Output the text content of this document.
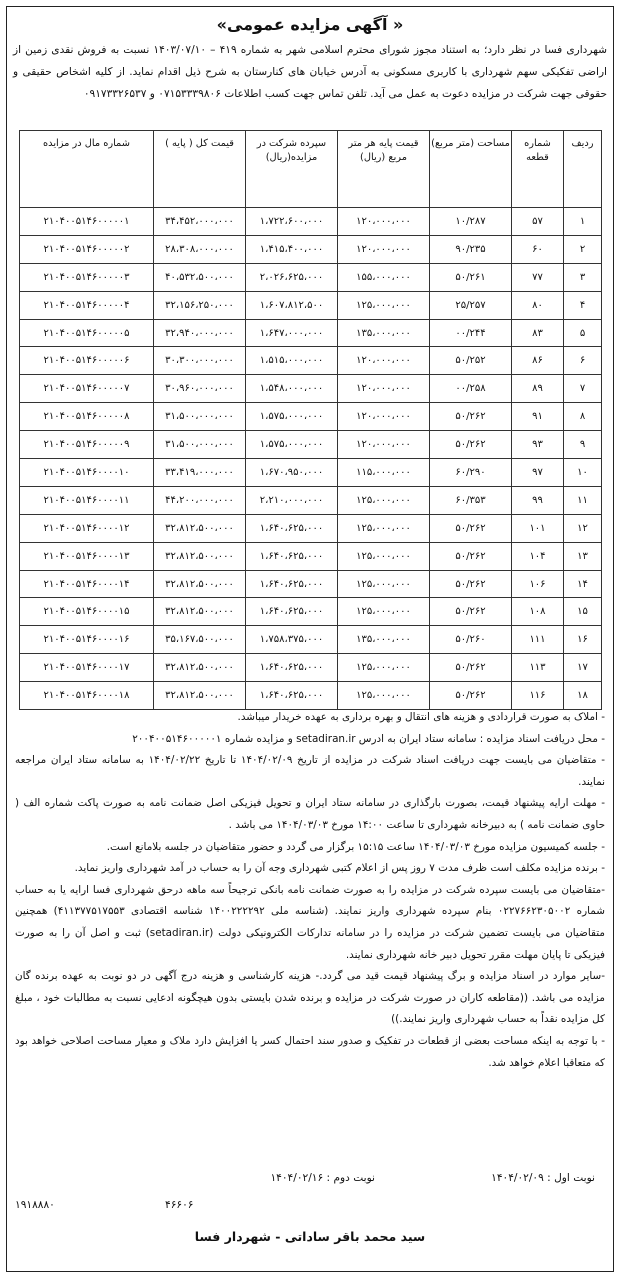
« آگهی مزایده عمومی»
شهرداری فسا در نظر دارد؛ به استناد مجوز شورای محترم اسلامی شهر به شماره ۴۱۹ – ۱۴۰۳/۰۷/۱۰ نسبت به فروش نقدی زمین از اراضی تفکیکی سهم شهرداری با کاربری مسکونی به آدرس خیابان های کنارستان به شرح ذیل اقدام نماید. از کلیه اشخاص حقیقی و حقوقی جهت شرکت در مزایده دعوت به عمل می آید. تلفن تماس جهت کسب اطلاعات ۰۷۱۵۳۳۳۹۸۰۶ و ۰۹۱۷۳۳۲۶۵۳۷
ردیف	شماره قطعه	مساحت (متر مربع)	قیمت پایه هر متر مربع (ریال)	سپرده شرکت در مزایده(ریال)	قیمت کل ( پایه )	شماره مال در مزایده
۱	۵۷	۱۰/۲۸۷	۱۲۰،۰۰۰،۰۰۰	۱،۷۲۲،۶۰۰،۰۰۰	۳۴،۴۵۲،۰۰۰،۰۰۰	۲۱۰۴۰۰۵۱۴۶۰۰۰۰۰۱
۲	۶۰	۹۰/۲۳۵	۱۲۰،۰۰۰،۰۰۰	۱،۴۱۵،۴۰۰،۰۰۰	۲۸،۳۰۸،۰۰۰،۰۰۰	۲۱۰۴۰۰۵۱۴۶۰۰۰۰۰۲
۳	۷۷	۵۰/۲۶۱	۱۵۵،۰۰۰،۰۰۰	۲،۰۲۶،۶۲۵،۰۰۰	۴۰،۵۳۲،۵۰۰،۰۰۰	۲۱۰۴۰۰۵۱۴۶۰۰۰۰۰۳
۴	۸۰	۲۵/۲۵۷	۱۲۵،۰۰۰،۰۰۰	۱،۶۰۷،۸۱۲،۵۰۰	۳۲،۱۵۶،۲۵۰،۰۰۰	۲۱۰۴۰۰۵۱۴۶۰۰۰۰۰۴
۵	۸۳	۰۰/۲۴۴	۱۳۵،۰۰۰،۰۰۰	۱،۶۴۷،۰۰۰،۰۰۰	۳۲،۹۴۰،۰۰۰،۰۰۰	۲۱۰۴۰۰۵۱۴۶۰۰۰۰۰۵
۶	۸۶	۵۰/۲۵۲	۱۲۰،۰۰۰،۰۰۰	۱،۵۱۵،۰۰۰،۰۰۰	۳۰،۳۰۰،۰۰۰،۰۰۰	۲۱۰۴۰۰۵۱۴۶۰۰۰۰۰۶
۷	۸۹	۰۰/۲۵۸	۱۲۰،۰۰۰،۰۰۰	۱،۵۴۸،۰۰۰،۰۰۰	۳۰،۹۶۰،۰۰۰،۰۰۰	۲۱۰۴۰۰۵۱۴۶۰۰۰۰۰۷
۸	۹۱	۵۰/۲۶۲	۱۲۰،۰۰۰،۰۰۰	۱،۵۷۵،۰۰۰،۰۰۰	۳۱،۵۰۰،۰۰۰،۰۰۰	۲۱۰۴۰۰۵۱۴۶۰۰۰۰۰۸
۹	۹۳	۵۰/۲۶۲	۱۲۰،۰۰۰،۰۰۰	۱،۵۷۵،۰۰۰،۰۰۰	۳۱،۵۰۰،۰۰۰،۰۰۰	۲۱۰۴۰۰۵۱۴۶۰۰۰۰۰۹
۱۰	۹۷	۶۰/۲۹۰	۱۱۵،۰۰۰،۰۰۰	۱،۶۷۰،۹۵۰،۰۰۰	۳۳،۴۱۹،۰۰۰،۰۰۰	۲۱۰۴۰۰۵۱۴۶۰۰۰۰۱۰
۱۱	۹۹	۶۰/۳۵۳	۱۲۵،۰۰۰،۰۰۰	۲،۲۱۰،۰۰۰،۰۰۰	۴۴،۲۰۰،۰۰۰،۰۰۰	۲۱۰۴۰۰۵۱۴۶۰۰۰۰۱۱
۱۲	۱۰۱	۵۰/۲۶۲	۱۲۵،۰۰۰،۰۰۰	۱،۶۴۰،۶۲۵،۰۰۰	۳۲،۸۱۲،۵۰۰،۰۰۰	۲۱۰۴۰۰۵۱۴۶۰۰۰۰۱۲
۱۳	۱۰۴	۵۰/۲۶۲	۱۲۵،۰۰۰،۰۰۰	۱،۶۴۰،۶۲۵،۰۰۰	۳۲،۸۱۲،۵۰۰،۰۰۰	۲۱۰۴۰۰۵۱۴۶۰۰۰۰۱۳
۱۴	۱۰۶	۵۰/۲۶۲	۱۲۵،۰۰۰،۰۰۰	۱،۶۴۰،۶۲۵،۰۰۰	۳۲،۸۱۲،۵۰۰،۰۰۰	۲۱۰۴۰۰۵۱۴۶۰۰۰۰۱۴
۱۵	۱۰۸	۵۰/۲۶۲	۱۲۵،۰۰۰،۰۰۰	۱،۶۴۰،۶۲۵،۰۰۰	۳۲،۸۱۲،۵۰۰،۰۰۰	۲۱۰۴۰۰۵۱۴۶۰۰۰۰۱۵
۱۶	۱۱۱	۵۰/۲۶۰	۱۳۵،۰۰۰،۰۰۰	۱،۷۵۸،۳۷۵،۰۰۰	۳۵،۱۶۷،۵۰۰،۰۰۰	۲۱۰۴۰۰۵۱۴۶۰۰۰۰۱۶
۱۷	۱۱۳	۵۰/۲۶۲	۱۲۵،۰۰۰،۰۰۰	۱،۶۴۰،۶۲۵،۰۰۰	۳۲،۸۱۲،۵۰۰،۰۰۰	۲۱۰۴۰۰۵۱۴۶۰۰۰۰۱۷
۱۸	۱۱۶	۵۰/۲۶۲	۱۲۵،۰۰۰،۰۰۰	۱،۶۴۰،۶۲۵،۰۰۰	۳۲،۸۱۲،۵۰۰،۰۰۰	۲۱۰۴۰۰۵۱۴۶۰۰۰۰۱۸

- املاک به صورت قراردادی و هزینه های انتقال و بهره برداری به عهده خریدار میباشد.

- محل دریافت اسناد مزایده : سامانه ستاد ایران به ادرس setadiran.ir و مزایده شماره ۲۰۰۴۰۰۵۱۴۶۰۰۰۰۰۱

- متقاضیان می بایست جهت دریافت اسناد شرکت در مزایده از تاریخ ۱۴۰۴/۰۲/۰۹ تا تاریخ ۱۴۰۴/۰۲/۲۲ به سامانه ستاد ایران مراجعه نمایند.

- مهلت ارایه پیشنهاد قیمت، بصورت بارگذاری در سامانه ستاد ایران و تحویل فیزیکی اصل ضمانت نامه به صورت پاکت شماره الف ( حاوی ضمانت نامه ) به دبیرخانه شهرداری تا ساعت ۱۴:۰۰ مورخ ۱۴۰۴/۰۳/۰۳ می باشد .

- جلسه کمیسیون مزایده مورخ ۱۴۰۴/۰۳/۰۳ ساعت ۱۵:۱۵ برگزار می گردد و حضور متقاضیان در جلسه بلامانع است.

- برنده مزایده مکلف است ظرف مدت ۷ روز پس از اعلام کتبی شهرداری وجه آن را به حساب در آمد شهرداری واریز نماید.

-متقاضیان می بایست سپرده شرکت در مزایده را به صورت ضمانت نامه بانکی ترجیحاً سه ماهه درحق شهرداری فسا ارایه یا به حساب شماره ۰۲۲۷۶۶۲۳۰۵۰۰۲ بنام سپرده شهرداری واریز نمایند. (شناسه ملی ۱۴۰۰۲۲۲۲۹۲ شناسه اقتصادی ۴۱۱۳۷۷۵۱۷۵۵۳) همچنین متقاضیان می بایست تضمین شرکت در مزایده را در سامانه تدارکات الکترونیکی دولت (setadiran.ir) ثبت و اصل آن را به صورت فیزیکی تا پایان مهلت مقرر تحویل دبیر خانه شهرداری نمایند.

-سایر موارد در اسناد مزایده و برگ پیشنهاد قیمت قید می گردد.- هزینه کارشناسی و هزینه درج آگهی در دو نوبت به عهده برنده گان مزایده می باشد. ((مقاطعه کاران در صورت شرکت در مزایده و برنده شدن بایستی بدون هیچگونه ادعایی نسبت به مطالبات خود ، مبلغ کل مزایده نقداً به حساب شهرداری واریز نمایند.))

- با توجه به اینکه مساحت بعضی از قطعات در تفکیک و صدور سند احتمال کسر یا افزایش دارد ملاک و معیار مساحت اصلاحی خواهد بود که متعاقبا اعلام خواهد شد.

نوبت اول : ۱۴۰۴/۰۲/۰۹
نوبت دوم : ۱۴۰۴/۰۲/۱۶
۱۹۱۸۸۸۰	۴۶۶۰۶
سید محمد باقر ساداتی - شهردار فسا
